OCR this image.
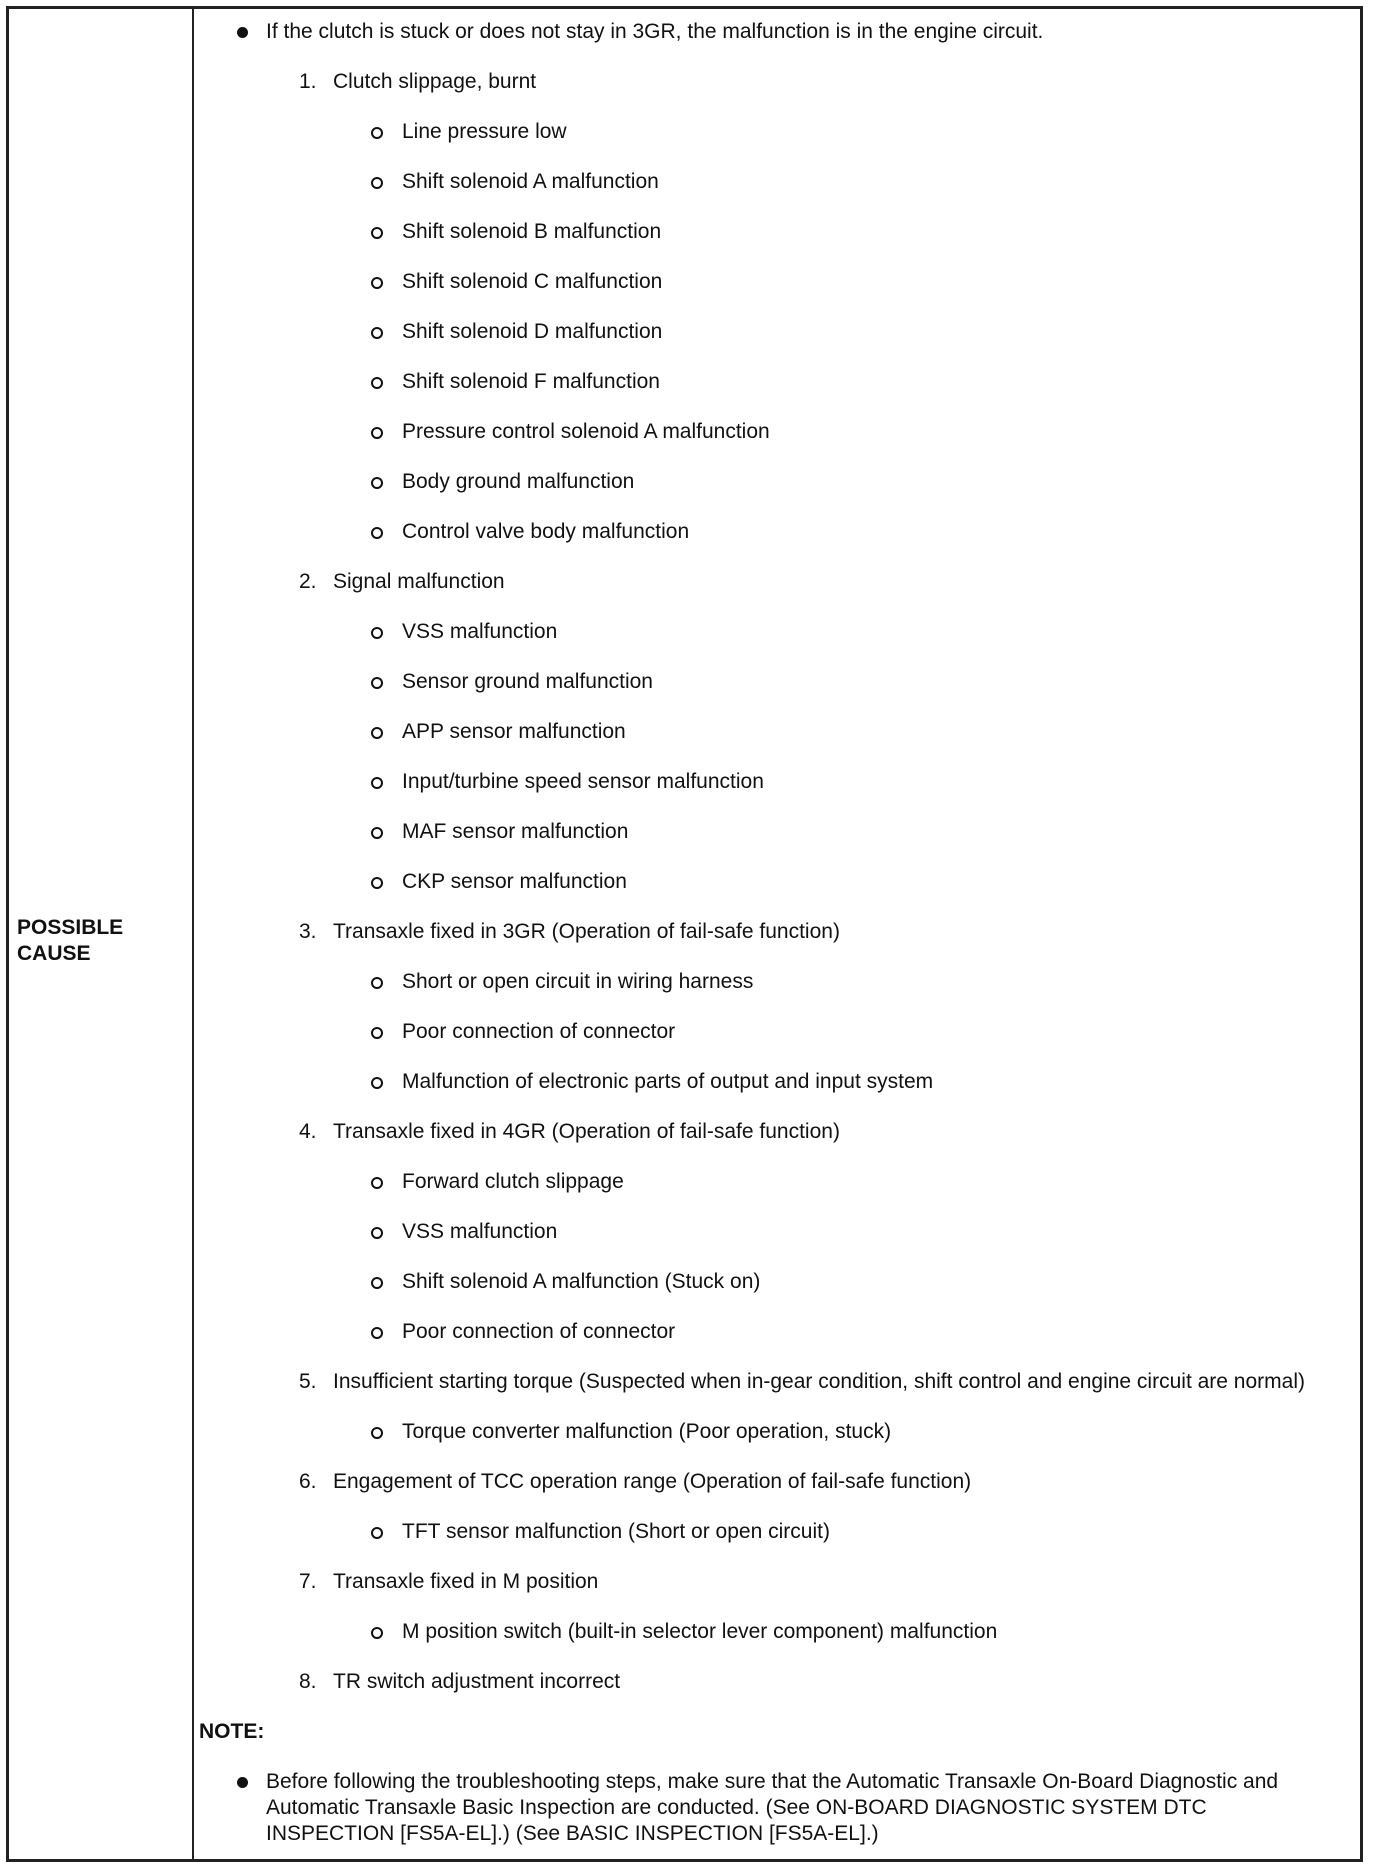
POSSIBLE
CAUSE
If the clutch is stuck or does not stay in 3GR, the malfunction is in the engine circuit.
1. Clutch slippage, burnt
Line pressure low
Shift solenoid A malfunction
Shift solenoid B malfunction
Shift solenoid C malfunction
Shift solenoid D malfunction
Shift solenoid F malfunction
Pressure control solenoid A malfunction
Body ground malfunction
Control valve body malfunction
2. Signal malfunction
VSS malfunction
Sensor ground malfunction
APP sensor malfunction
Input/turbine speed sensor malfunction
MAF sensor malfunction
CKP sensor malfunction
3. Transaxle fixed in 3GR (Operation of fail-safe function)
Short or open circuit in wiring harness
Poor connection of connector
Malfunction of electronic parts of output and input system
4. Transaxle fixed in 4GR (Operation of fail-safe function)
Forward clutch slippage
VSS malfunction
Shift solenoid A malfunction (Stuck on)
Poor connection of connector
5. Insufficient starting torque (Suspected when in-gear condition, shift control and engine circuit are normal)
Torque converter malfunction (Poor operation, stuck)
6. Engagement of TCC operation range (Operation of fail-safe function)
TFT sensor malfunction (Short or open circuit)
7. Transaxle fixed in M position
M position switch (built-in selector lever component) malfunction
8. TR switch adjustment incorrect
NOTE:
Before following the troubleshooting steps, make sure that the Automatic Transaxle On-Board Diagnostic and Automatic Transaxle Basic Inspection are conducted. (See ON-BOARD DIAGNOSTIC SYSTEM DTC INSPECTION [FS5A-EL].) (See BASIC INSPECTION [FS5A-EL].)
